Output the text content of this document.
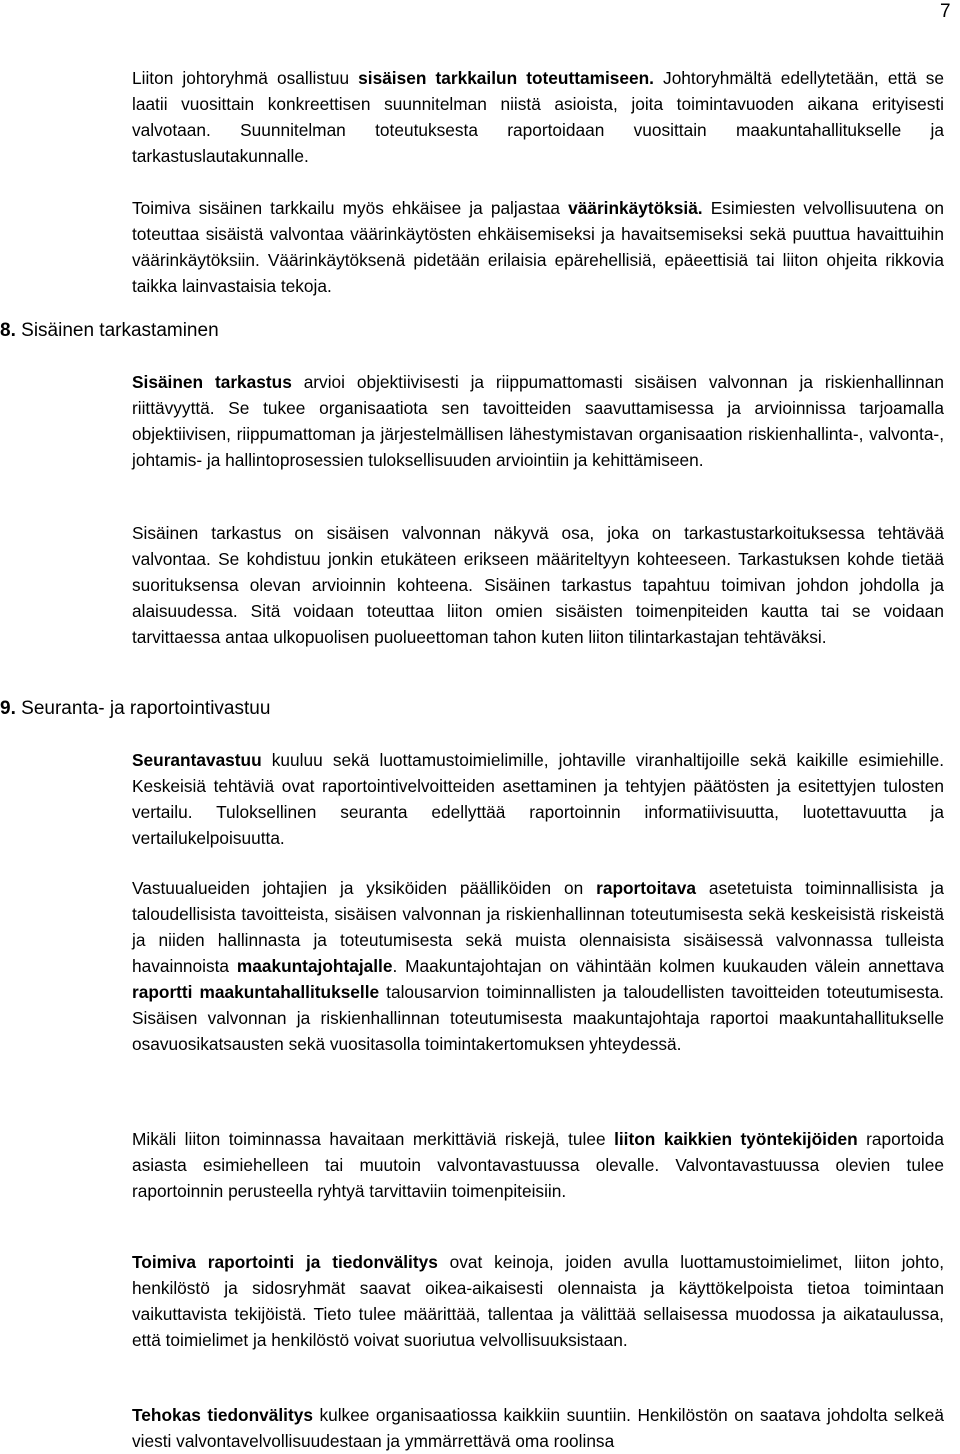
7

Liiton johtoryhmä osallistuu sisäisen tarkkailun toteuttamiseen. Johtoryhmältä edellytetään, että se laatii vuosittain konkreettisen suunnitelman niistä asioista, joita toimintavuoden aikana erityisesti valvotaan. Suunnitelman toteutuksesta raportoidaan vuosittain maakuntahallitukselle ja tarkastuslautakunnalle.

Toimiva sisäinen tarkkailu myös ehkäisee ja paljastaa väärinkäytöksiä. Esimiesten velvollisuutena on toteuttaa sisäistä valvontaa väärinkäytösten ehkäisemiseksi ja havaitsemiseksi sekä puuttua havaittuihin väärinkäytöksiin. Väärinkäytöksenä pidetään erilaisia epärehellisiä, epäeettisiä tai liiton ohjeita rikkovia taikka lainvastaisia tekoja.

8. Sisäinen tarkastaminen

Sisäinen tarkastus arvioi objektiivisesti ja riippumattomasti sisäisen valvonnan ja riskienhallinnan riittävyyttä. Se tukee organisaatiota sen tavoitteiden saavuttamisessa ja arvioinnissa tarjoamalla objektiivisen, riippumattoman ja järjestelmällisen lähestymistavan organisaation riskienhallinta-, valvonta-, johtamis- ja hallintoprosessien tuloksellisuuden arviointiin ja kehittämiseen.

Sisäinen tarkastus on sisäisen valvonnan näkyvä osa, joka on tarkastustarkoituksessa tehtävää valvontaa. Se kohdistuu jonkin etukäteen erikseen määriteltyyn kohteeseen. Tarkastuksen kohde tietää suorituksensa olevan arvioinnin kohteena. Sisäinen tarkastus tapahtuu toimivan johdon johdolla ja alaisuudessa. Sitä voidaan toteuttaa liiton omien sisäisten toimenpiteiden kautta tai se voidaan tarvittaessa antaa ulkopuolisen puolueettoman tahon kuten liiton tilintarkastajan tehtäväksi.

9. Seuranta- ja raportointivastuu

Seurantavastuu kuuluu sekä luottamustoimielimille, johtaville viranhaltijoille sekä kaikille esimiehille. Keskeisiä tehtäviä ovat raportointivelvoitteiden asettaminen ja tehtyjen päätösten ja esitettyjen tulosten vertailu. Tuloksellinen seuranta edellyttää raportoinnin informatiivisuutta, luotettavuutta ja vertailukelpoisuutta.

Vastuualueiden johtajien ja yksiköiden päälliköiden on raportoitava asetetuista toiminnallisista ja taloudellisista tavoitteista, sisäisen valvonnan ja riskienhallinnan toteutumisesta sekä keskeisistä riskeistä ja niiden hallinnasta ja toteutumisesta sekä muista olennaisista sisäisessä valvonnassa tulleista havainnoista maakuntajohtajalle. Maakuntajohtajan on vähintään kolmen kuukauden välein annettava raportti maakuntahallitukselle talousarvion toiminnallisten ja taloudellisten tavoitteiden toteutumisesta. Sisäisen valvonnan ja riskienhallinnan toteutumisesta maakuntajohtaja raportoi maakuntahallitukselle osavuosikatsausten sekä vuositasolla toimintakertomuksen yhteydessä.

Mikäli liiton toiminnassa havaitaan merkittäviä riskejä, tulee liiton kaikkien työntekijöiden raportoida asiasta esimiehelleen tai muutoin valvontavastuussa olevalle. Valvontavastuussa olevien tulee raportoinnin perusteella ryhtyä tarvittaviin toimenpiteisiin.

Toimiva raportointi ja tiedonvälitys ovat keinoja, joiden avulla luottamustoimielimet, liiton johto, henkilöstö ja sidosryhmät saavat oikea-aikaisesti olennaista ja käyttökelpoista tietoa toimintaan vaikuttavista tekijöistä. Tieto tulee määrittää, tallentaa ja välittää sellaisessa muodossa ja aikataulussa, että toimielimet ja henkilöstö voivat suoriutua velvollisuuksistaan.

Tehokas tiedonvälitys kulkee organisaatiossa kaikkiin suuntiin. Henkilöstön on saatava johdolta selkeä viesti valvontavelvollisuudestaan ja ymmärrettävä oma roolinsa
